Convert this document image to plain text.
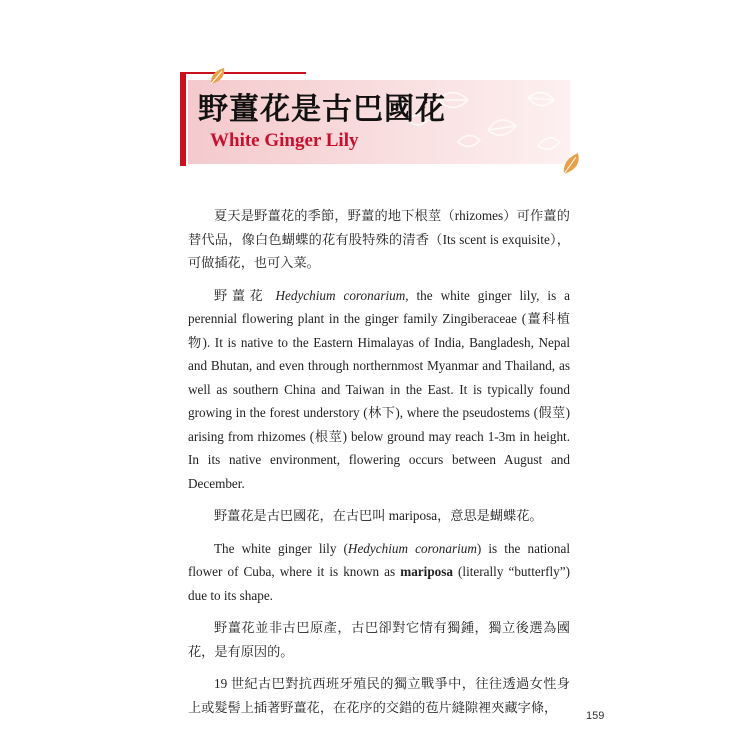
野薑花是古巴國花
White Ginger Lily

夏天是野薑花的季節，野薑的地下根莖（rhizomes）可作薑的替代品，像白色蝴蝶的花有股特殊的清香（Its scent is exquisite），可做插花，也可入菜。

野薑花 Hedychium coronarium, the white ginger lily, is a perennial flowering plant in the ginger family Zingiberaceae (薑科植物). It is native to the Eastern Himalayas of India, Bangladesh, Nepal and Bhutan, and even through northernmost Myanmar and Thailand, as well as southern China and Taiwan in the East. It is typically found growing in the forest understory (林下), where the pseudostems (假莖) arising from rhizomes (根莖) below ground may reach 1-3m in height. In its native environment, flowering occurs between August and December.

野薑花是古巴國花，在古巴叫 mariposa，意思是蝴蝶花。

The white ginger lily (Hedychium coronarium) is the national flower of Cuba, where it is known as mariposa (literally “butterfly”) due to its shape.

野薑花並非古巴原產，古巴卻對它情有獨鍾，獨立後選為國花，是有原因的。

19 世紀古巴對抗西班牙殖民的獨立戰爭中，往往透過女性身上或髮髻上插著野薑花，在花序的交錯的苞片縫隙裡夾藏字條，

159
